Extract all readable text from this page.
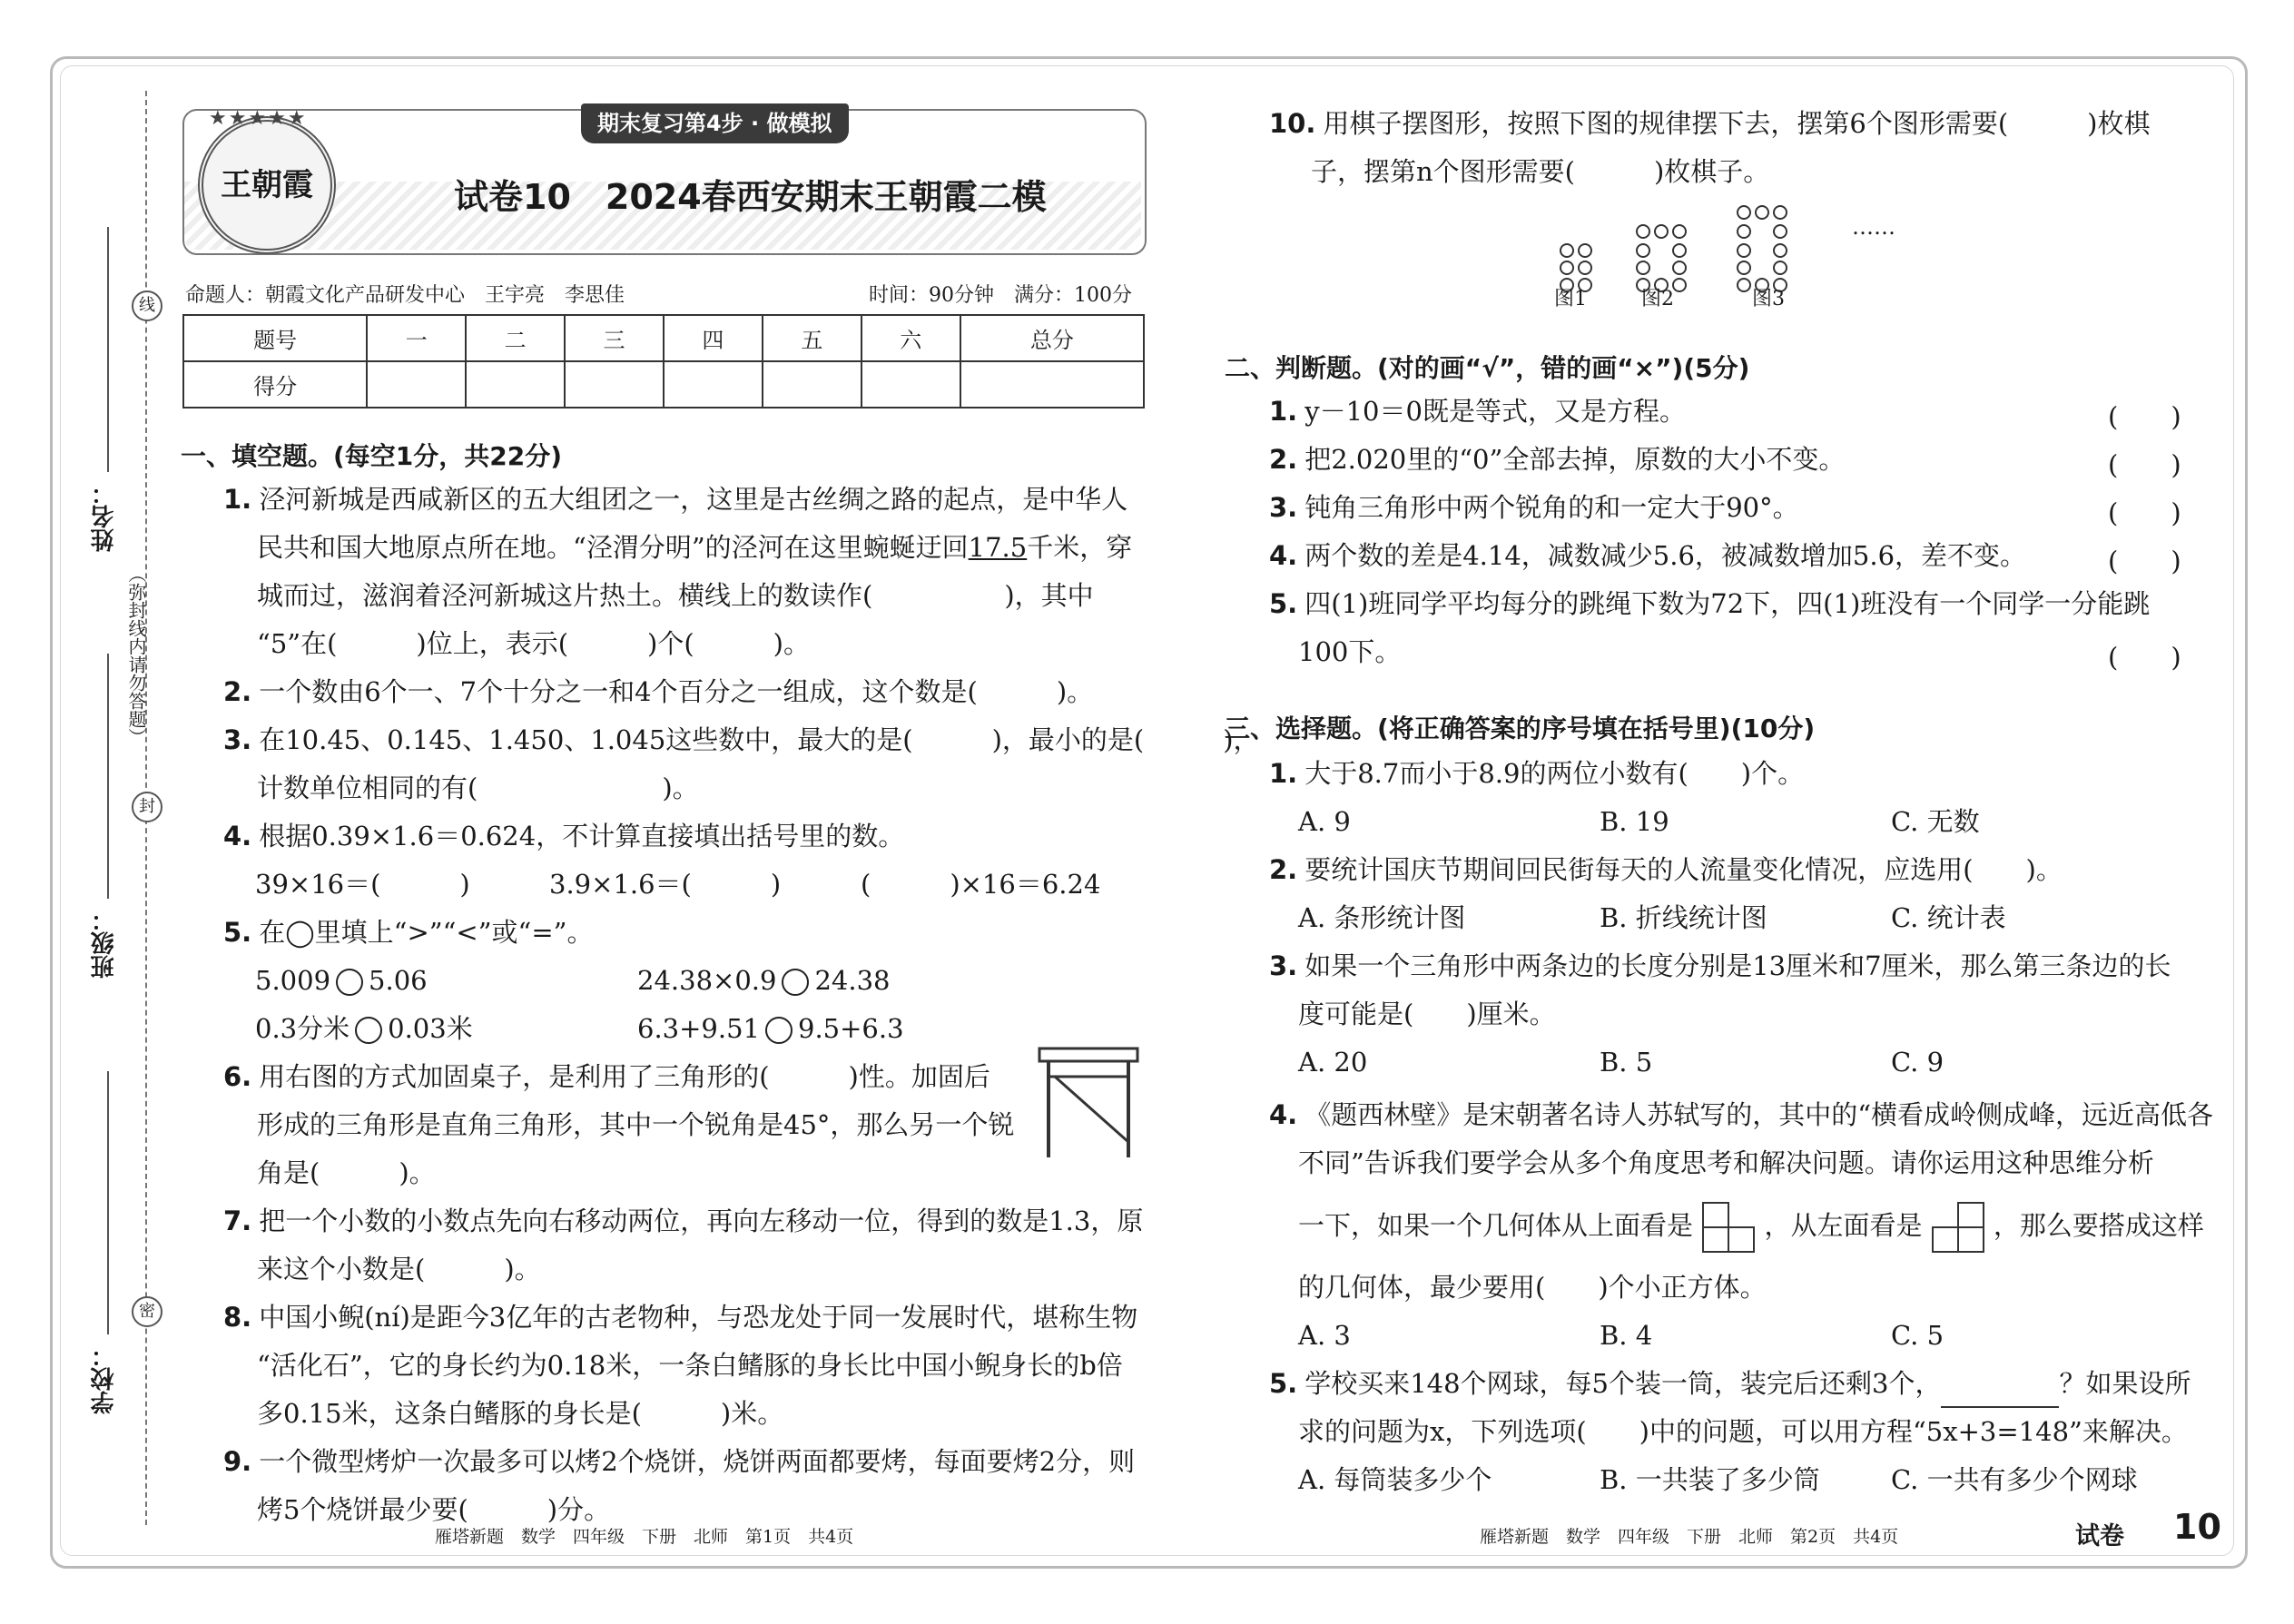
线
封
密
（弥封线内请勿答题）
姓名：
班级：
学校：
王朝霞
★★★★★	期末复习第4步 · 做模拟
试卷10　2024春西安期末王朝霞二模
命题人：朝霞文化产品研发中心　王宇亮　李思佳	时间：90分钟　满分：100分
题号	一	二	三	四	五	六	总分
得分							
一、填空题。(每空1分，共22分)
1. 泾河新城是西咸新区的五大组团之一，这里是古丝绸之路的起点，是中华人
民共和国大地原点所在地。“泾渭分明”的泾河在这里蜿蜒迂回17.5千米，穿
城而过，滋润着泾河新城这片热土。横线上的数读作(　　　　　)，其中
“5”在(　　　)位上，表示(　　　)个(　　　)。
2. 一个数由6个一、7个十分之一和4个百分之一组成，这个数是(　　　)。
3. 在10.45、0.145、1.450、1.045这些数中，最大的是(　　　)，最小的是(　　　)，
计数单位相同的有(　　　　　　　)。
4. 根据0.39×1.6＝0.624，不计算直接填出括号里的数。
39×16＝(　　　)	3.9×1.6＝(　　　)	(　　　)×16＝6.24
5. 在◯里填上“>”“<”或“=”。
5.009 5.06	24.38×0.9 24.38
0.3分米 0.03米	6.3+9.51 9.5+6.3
6. 用右图的方式加固桌子，是利用了三角形的(　　　)性。加固后
形成的三角形是直角三角形，其中一个锐角是45°，那么另一个锐
角是(　　　)。
7. 把一个小数的小数点先向右移动两位，再向左移动一位，得到的数是1.3，原
来这个小数是(　　　)。
8. 中国小鲵(ní)是距今3亿年的古老物种，与恐龙处于同一发展时代，堪称生物
“活化石”，它的身长约为0.18米，一条白鳍豚的身长比中国小鲵身长的b倍
多0.15米，这条白鳍豚的身长是(　　　)米。
9. 一个微型烤炉一次最多可以烤2个烧饼，烧饼两面都要烤，每面要烤2分，则
烤5个烧饼最少要(　　　)分。
雁塔新题　数学　四年级　下册　北师　第1页　共4页
10. 用棋子摆图形，按照下图的规律摆下去，摆第6个图形需要(　　　)枚棋
子，摆第n个图形需要(　　　)枚棋子。
图1	图2	图3
……
二、判断题。(对的画“√”，错的画“×”)(5分)
1. y－10＝0既是等式，又是方程。	(　　)
2. 把2.020里的“0”全部去掉，原数的大小不变。	(　　)
3. 钝角三角形中两个锐角的和一定大于90°。	(　　)
4. 两个数的差是4.14，减数减少5.6，被减数增加5.6，差不变。	(　　)
5. 四(1)班同学平均每分的跳绳下数为72下，四(1)班没有一个同学一分能跳
100下。	(　　)
三、选择题。(将正确答案的序号填在括号里)(10分)
1. 大于8.7而小于8.9的两位小数有(　　)个。
A. 9	B. 19	C. 无数
2. 要统计国庆节期间回民街每天的人流量变化情况，应选用(　　)。
A. 条形统计图	B. 折线统计图	C. 统计表
3. 如果一个三角形中两条边的长度分别是13厘米和7厘米，那么第三条边的长
度可能是(　　)厘米。
A. 20	B. 5	C. 9
4. 《题西林壁》是宋朝著名诗人苏轼写的，其中的“横看成岭侧成峰，远近高低各
不同”告诉我们要学会从多个角度思考和解决问题。请你运用这种思维分析
一下，如果一个几何体从上面看是	，从左面看是	，那么要搭成这样
的几何体，最少要用(　　)个小正方体。
A. 3	B. 4	C. 5
5. 学校买来148个网球，每5个装一筒，装完后还剩3个，	？如果设所
求的问题为x，下列选项(　　)中的问题，可以用方程“5x+3=148”来解决。
A. 每筒装多少个	B. 一共装了多少筒	C. 一共有多少个网球
雁塔新题　数学　四年级　下册　北师　第2页　共4页	试卷 10
